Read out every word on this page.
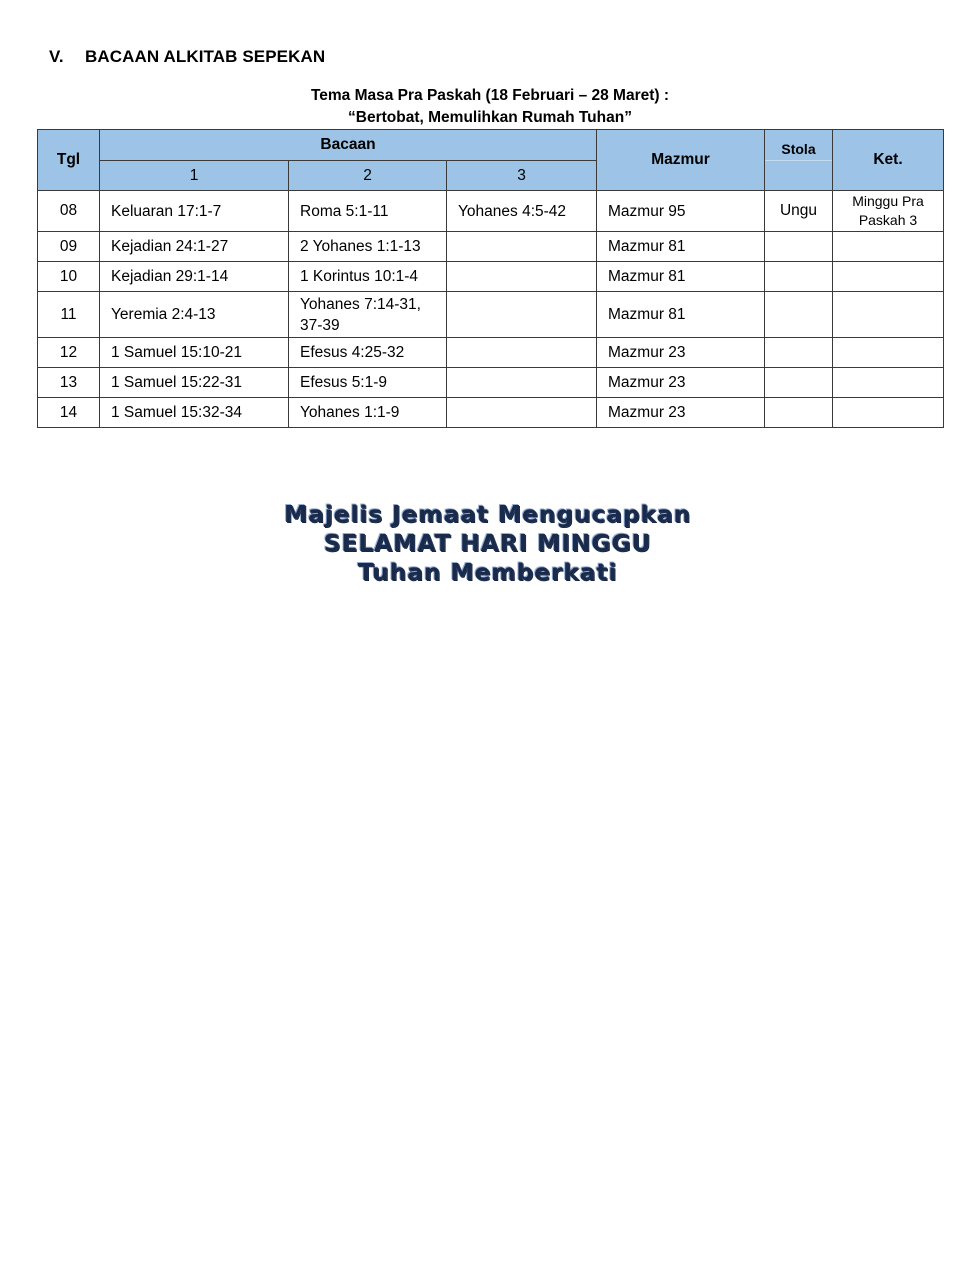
V. BACAAN ALKITAB SEPEKAN
Tema Masa Pra Paskah (18 Februari – 28 Maret) :
“Bertobat, Memulihkan Rumah Tuhan”
Tgl	Bacaan			Mazmur	Stola	Ket.
	1	2	3			
08	Keluaran 17:1-7	Roma 5:1-11	Yohanes 4:5-42	Mazmur 95	Ungu	Minggu Pra Paskah 3
09	Kejadian 24:1-27	2 Yohanes 1:1-13		Mazmur 81		
10	Kejadian 29:1-14	1 Korintus 10:1-4		Mazmur 81		
11	Yeremia 2:4-13	Yohanes 7:14-31, 37-39		Mazmur 81		
12	1 Samuel 15:10-21	Efesus 4:25-32		Mazmur 23		
13	1 Samuel 15:22-31	Efesus 5:1-9		Mazmur 23		
14	1 Samuel 15:32-34	Yohanes 1:1-9		Mazmur 23		
Majelis Jemaat Mengucapkan
SELAMAT HARI MINGGU
Tuhan Memberkati
